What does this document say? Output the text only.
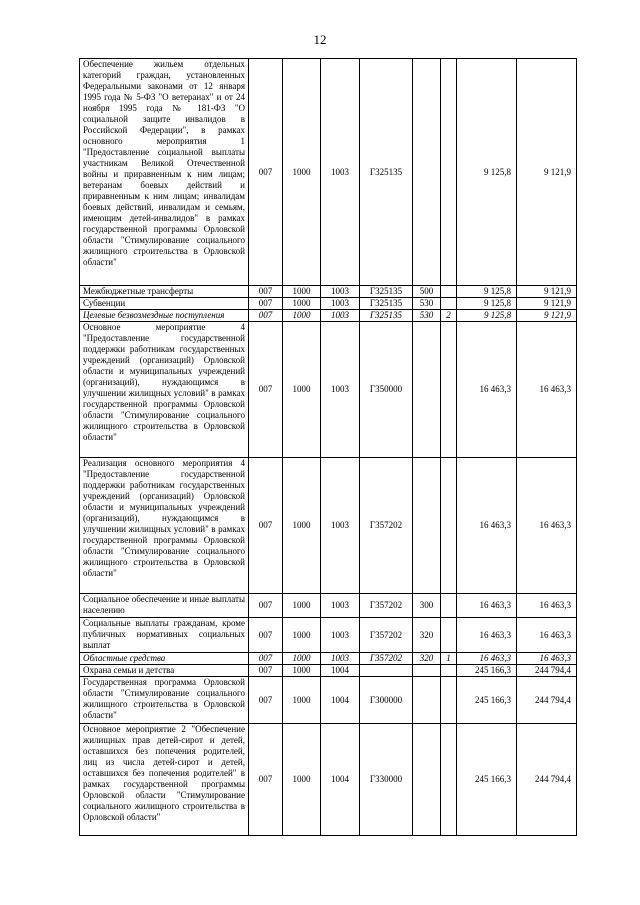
12
Обеспечение жильем отдельных категорий граждан, установленных Федеральными законами от 12 января 1995 года № 5-ФЗ "О ветеранах" и от 24 ноября 1995 года № 181-ФЗ "О социальной защите инвалидов в Российской Федерации", в рамках основного мероприятия 1 "Предоставление социальной выплаты участникам Великой Отечественной войны и приравненным к ним лицам; ветеранам боевых действий и приравненным к ним лицам; инвалидам боевых действий, инвалидам и семьям, имеющим детей-инвалидов" в рамках государственной программы Орловской области "Стимулирование социального жилищного строительства в Орловской области"	007	1000	1003	Г325135			9 125,8	9 121,9
Межбюджетные трансферты	007	1000	1003	Г325135	500		9 125,8	9 121,9
Субвенции	007	1000	1003	Г325135	530		9 125,8	9 121,9
Целевые безвозмездные поступления	007	1000	1003	Г325135	530	2	9 125,8	9 121,9
Основное мероприятие 4 "Предоставление государственной поддержки работникам государственных учреждений (организаций) Орловской области и муниципальных учреждений (организаций), нуждающимся в улучшении жилищных условий" в рамках государственной программы Орловской области "Стимулирование социального жилищного строительства в Орловской области"	007	1000	1003	Г350000			16 463,3	16 463,3
Реализация основного мероприятия 4 "Предоставление государственной поддержки работникам государственных учреждений (организаций) Орловской области и муниципальных учреждений (организаций), нуждающимся в улучшении жилищных условий" в рамках государственной программы Орловской области "Стимулирование социального жилищного строительства в Орловской области"	007	1000	1003	Г357202			16 463,3	16 463,3
Социальное обеспечение и иные выплаты населению	007	1000	1003	Г357202	300		16 463,3	16 463,3
Социальные выплаты гражданам, кроме публичных нормативных социальных выплат	007	1000	1003	Г357202	320		16 463,3	16 463,3
Областные средства	007	1000	1003	Г357202	320	1	16 463,3	16 463,3
Охрана семьи и детства	007	1000	1004				245 166,3	244 794,4
Государственная программа Орловской области "Стимулирование социального жилищного строительства в Орловской области"	007	1000	1004	Г300000			245 166,3	244 794,4
Основное мероприятие 2 "Обеспечение жилищных прав детей-сирот и детей, оставшихся без попечения родителей, лиц из числа детей-сирот и детей, оставшихся без попечения родителей" в рамках государственной программы Орловской области "Стимулирование социального жилищного строительства в Орловской области"	007	1000	1004	Г330000			245 166,3	244 794,4
